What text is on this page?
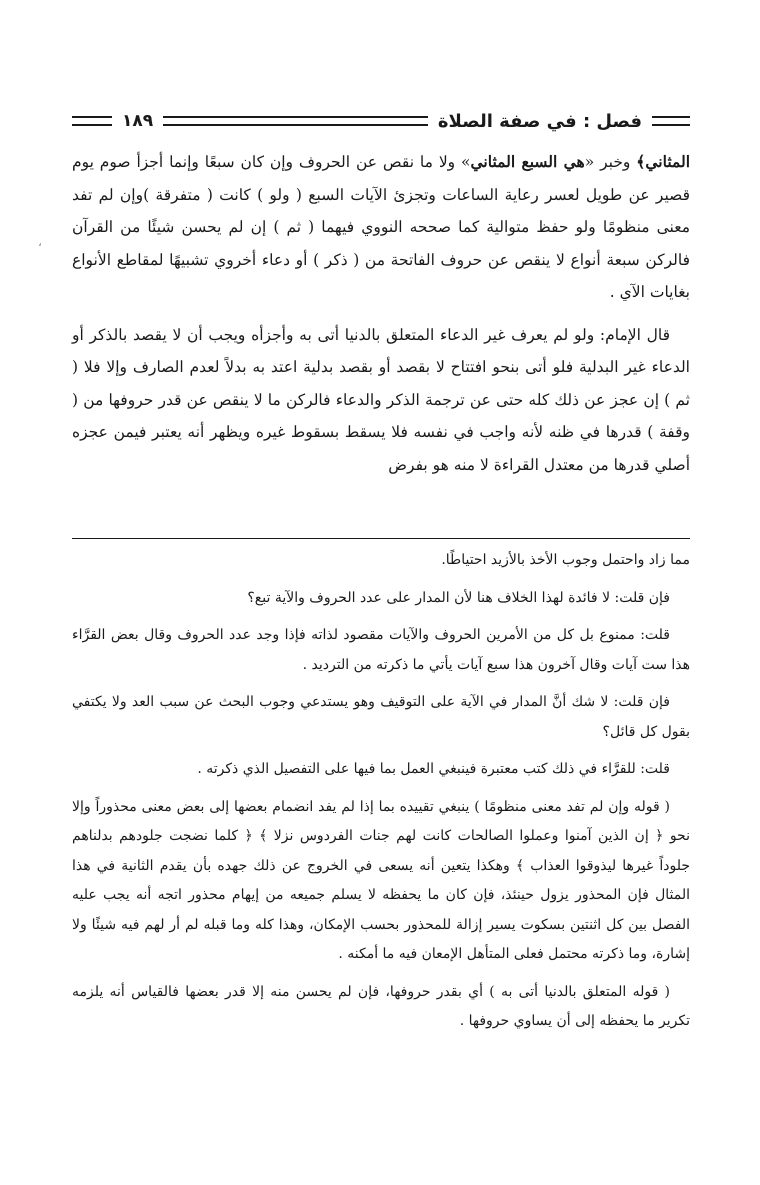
فصل : في صفة الصلاة
١٨٩
،

المثاني﴾ وخبر «هي السبع المثاني» ولا ما نقص عن الحروف وإن كان سبعًا وإنما أجزأ صوم يوم قصير عن طويل لعسر رعاية الساعات وتجزئ الآيات السبع ( ولو ) كانت ( متفرقة )وإن لم تفد معنى منظومًا ولو حفظ متوالية كما صححه النووي فيهما ( ثم ) إن لم يحسن شيئًا من القرآن فالركن سبعة أنواع لا ينقص عن حروف الفاتحة من ( ذكر ) أو دعاء أخروي تشبيهًا لمقاطع الأنواع بغايات الآي .

قال الإمام: ولو لم يعرف غير الدعاء المتعلق بالدنيا أتى به وأجزأه ويجب أن لا يقصد بالذكر أو الدعاء غير البدلية فلو أتى بنحو افتتاح لا بقصد أو بقصد بدلية اعتد به بدلاً لعدم الصارف وإلا فلا ( ثم ) إن عجز عن ذلك كله حتى عن ترجمة الذكر والدعاء فالركن ما لا ينقص عن قدر حروفها من ( وقفة ) قدرها في ظنه لأنه واجب في نفسه فلا يسقط بسقوط غيره ويظهر أنه يعتبر فيمن عجزه أصلي قدرها من معتدل القراءة لا منه هو بفرض

مما زاد واحتمل وجوب الأخذ بالأزيد احتياطًا.

فإن قلت: لا فائدة لهذا الخلاف هنا لأن المدار على عدد الحروف والآية تبع؟

قلت: ممنوع بل كل من الأمرين الحروف والآيات مقصود لذاته فإذا وجد عدد الحروف وقال بعض القرَّاء هذا ست آيات وقال آخرون هذا سبع آيات يأتي ما ذكرته من الترديد .

فإن قلت: لا شك أنَّ المدار في الآية على التوقيف وهو يستدعي وجوب البحث عن سبب العد ولا يكتفي بقول كل قائل؟

قلت: للقرَّاء في ذلك كتب معتبرة فينبغي العمل بما فيها على التفصيل الذي ذكرته .

( قوله وإن لم تفد معنى منظومًا ) ينبغي تقييده بما إذا لم يفد انضمام بعضها إلى بعض معنى محذوراً وإلا نحو ﴿ إن الذين آمنوا وعملوا الصالحات كانت لهم جنات الفردوس نزلا ﴾ ﴿ كلما نضجت جلودهم بدلناهم جلوداً غيرها ليذوقوا العذاب ﴾ وهكذا يتعين أنه يسعى في الخروج عن ذلك جهده بأن يقدم الثانية في هذا المثال فإن المحذور يزول حينئذ، فإن كان ما يحفظه لا يسلم جميعه من إيهام محذور اتجه أنه يجب عليه الفصل بين كل اثنتين بسكوت يسير إزالة للمحذور بحسب الإمكان، وهذا كله وما قبله لم أر لهم فيه شيئًا ولا إشارة، وما ذكرته محتمل فعلى المتأهل الإمعان فيه ما أمكنه .

( قوله المتعلق بالدنيا أتى به ) أي بقدر حروفها، فإن لم يحسن منه إلا قدر بعضها فالقياس أنه يلزمه تكرير ما يحفظه إلى أن يساوي حروفها .
